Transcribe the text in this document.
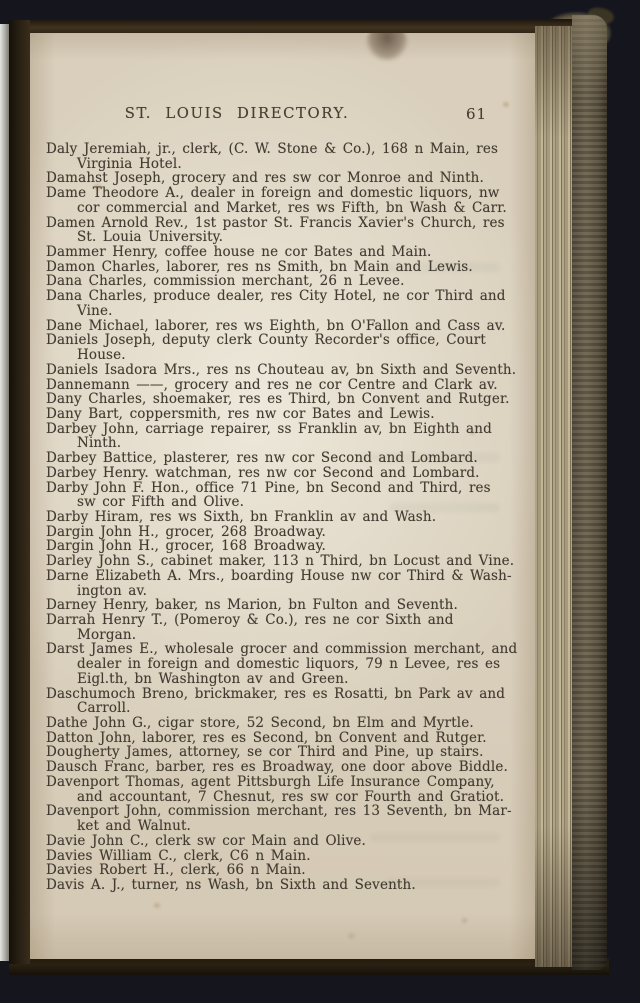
ST. LOUIS DIRECTORY.	61

Daly Jeremiah, jr., clerk, (C. W. Stone & Co.), 168 n Main, res
Virginia Hotel.

Damahst Joseph, grocery and res sw cor Monroe and Ninth.

Dame Theodore A., dealer in foreign and domestic liquors, nw
cor commercial and Market, res ws Fifth, bn Wash & Carr.

Damen Arnold Rev., 1st pastor St. Francis Xavier's Church, res
St. Louia University.

Dammer Henry, coffee house ne cor Bates and Main.

Damon Charles, laborer, res ns Smith, bn Main and Lewis.

Dana Charles, commission merchant, 26 n Levee.

Dana Charles, produce dealer, res City Hotel, ne cor Third and
Vine.

Dane Michael, laborer, res ws Eighth, bn O'Fallon and Cass av.

Daniels Joseph, deputy clerk County Recorder's office, Court
House.

Daniels Isadora Mrs., res ns Chouteau av, bn Sixth and Seventh.

Dannemann ——, grocery and res ne cor Centre and Clark av.

Dany Charles, shoemaker, res es Third, bn Convent and Rutger.

Dany Bart, coppersmith, res nw cor Bates and Lewis.

Darbey John, carriage repairer, ss Franklin av, bn Eighth and
Ninth.

Darbey Battice, plasterer, res nw cor Second and Lombard.

Darbey Henry. watchman, res nw cor Second and Lombard.

Darby John F. Hon., office 71 Pine, bn Second and Third, res
sw cor Fifth and Olive.

Darby Hiram, res ws Sixth, bn Franklin av and Wash.

Dargin John H., grocer, 268 Broadway.

Dargin John H., grocer, 168 Broadway.

Darley John S., cabinet maker, 113 n Third, bn Locust and Vine.

Darne Elizabeth A. Mrs., boarding House nw cor Third & Wash-
ington av.

Darney Henry, baker, ns Marion, bn Fulton and Seventh.

Darrah Henry T., (Pomeroy & Co.), res ne cor Sixth and
Morgan.

Darst James E., wholesale grocer and commission merchant, and
dealer in foreign and domestic liquors, 79 n Levee, res es
Eigl.th, bn Washington av and Green.

Daschumoch Breno, brickmaker, res es Rosatti, bn Park av and
Carroll.

Dathe John G., cigar store, 52 Second, bn Elm and Myrtle.

Datton John, laborer, res es Second, bn Convent and Rutger.

Dougherty James, attorney, se cor Third and Pine, up stairs.

Dausch Franc, barber, res es Broadway, one door above Biddle.

Davenport Thomas, agent Pittsburgh Life Insurance Company,
and accountant, 7 Chesnut, res sw cor Fourth and Gratiot.

Davenport John, commission merchant, res 13 Seventh, bn Mar-
ket and Walnut.

Davie John C., clerk sw cor Main and Olive.

Davies William C., clerk, C6 n Main.

Davies Robert H., clerk, 66 n Main.

Davis A. J., turner, ns Wash, bn Sixth and Seventh.
